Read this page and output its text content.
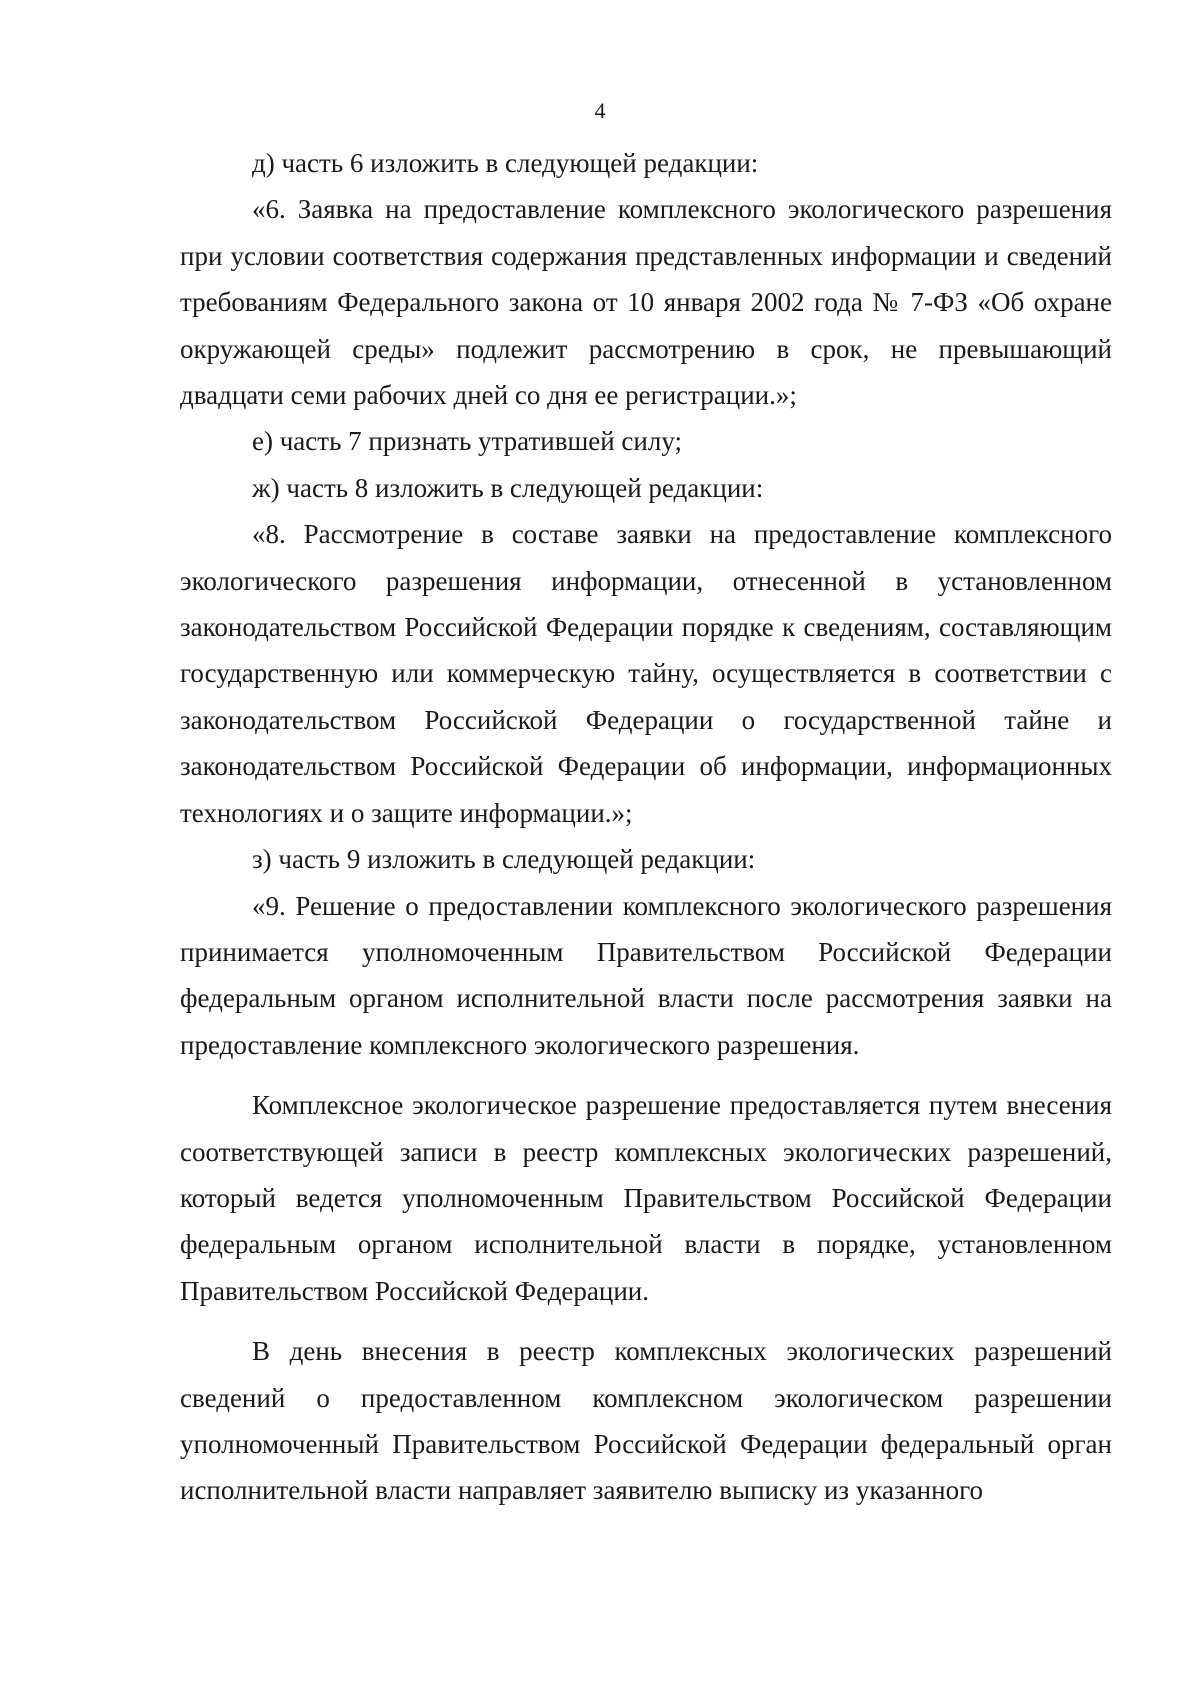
4

д) часть 6 изложить в следующей редакции:

«6. Заявка на предоставление комплексного экологического разрешения при условии соответствия содержания представленных информации и сведений требованиям Федерального закона от 10 января 2002 года № 7-ФЗ «Об охране окружающей среды» подлежит рассмотрению в срок, не превышающий двадцати семи рабочих дней со дня ее регистрации.»;

е) часть 7 признать утратившей силу;

ж) часть 8 изложить в следующей редакции:

«8. Рассмотрение в составе заявки на предоставление комплексного экологического разрешения информации, отнесенной в установленном законодательством Российской Федерации порядке к сведениям, составляющим государственную или коммерческую тайну, осуществляется в соответствии с законодательством Российской Федерации о государственной тайне и законодательством Российской Федерации об информации, информационных технологиях и о защите информации.»;

з) часть 9 изложить в следующей редакции:

«9. Решение о предоставлении комплексного экологического разрешения принимается уполномоченным Правительством Российской Федерации федеральным органом исполнительной власти после рассмотрения заявки на предоставление комплексного экологического разрешения.

Комплексное экологическое разрешение предоставляется путем внесения соответствующей записи в реестр комплексных экологических разрешений, который ведется уполномоченным Правительством Российской Федерации федеральным органом исполнительной власти в порядке, установленном Правительством Российской Федерации.

В день внесения в реестр комплексных экологических разрешений сведений о предоставленном комплексном экологическом разрешении уполномоченный Правительством Российской Федерации федеральный орган исполнительной власти направляет заявителю выписку из указанного
